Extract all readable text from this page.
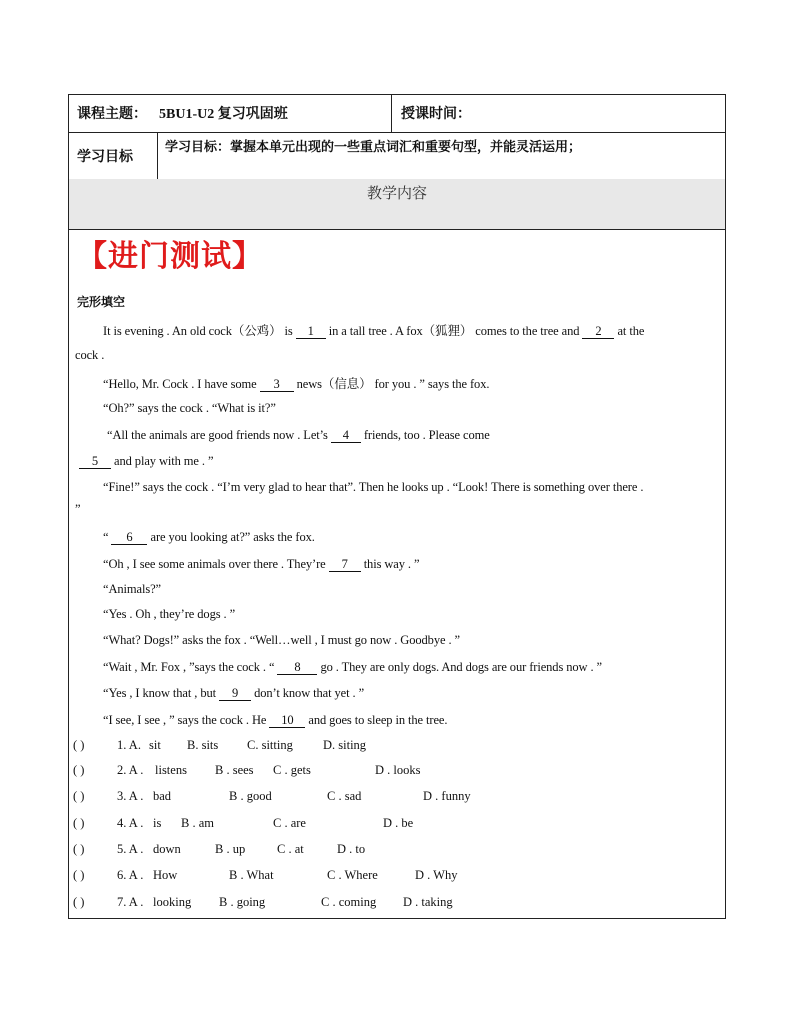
课程主题： 5BU1-U2 复习巩固班	授课时间：
学习目标
学习目标：掌握本单元出现的一些重点词汇和重要句型，并能灵活运用；
教学内容
【进门测试】
完形填空
It is evening . An old cock（公鸡） is 1 in a tall tree . A fox（狐狸） comes to the tree and 2 at the
cock .
“Hello, Mr. Cock . I have some 3 news（信息） for you . ” says the fox.
“Oh?” says the cock . “What is it?”
“All the animals are good friends now . Let’s 4 friends, too . Please come
5 and play with me . ”
“Fine!” says the cock . “I’m very glad to hear that”. Then he looks up . “Look! There is something over there .
”
“ 6 are you looking at?” asks the fox.
“Oh , I see some animals over there . They’re 7 this way . ”
“Animals?”
“Yes . Oh , they’re dogs . ”
“What? Dogs!” asks the fox . “Well…well , I must go now . Goodbye . ”
“Wait , Mr. Fox , ”says the cock . “ 8 go . They are only dogs. And dogs are our friends now . ”
“Yes , I know that , but 9 don’t know that yet . ”
“I see, I see , ” says the cock . He 10 and goes to sleep in the tree.
( )	1. A. sit B. sits C. sitting D. siting
( )	2. A . listens B . sees C . gets	D . looks
( )	3. A . bad	B . good	C . sad	D . funny
( )	4. A . is B . am	C . are	D . be
( )	5. A . down	B . up	C . at	D . to
( )	6. A . How	B . What	C . Where	D . Why
( )	7. A . looking B . going	C . coming D . taking
